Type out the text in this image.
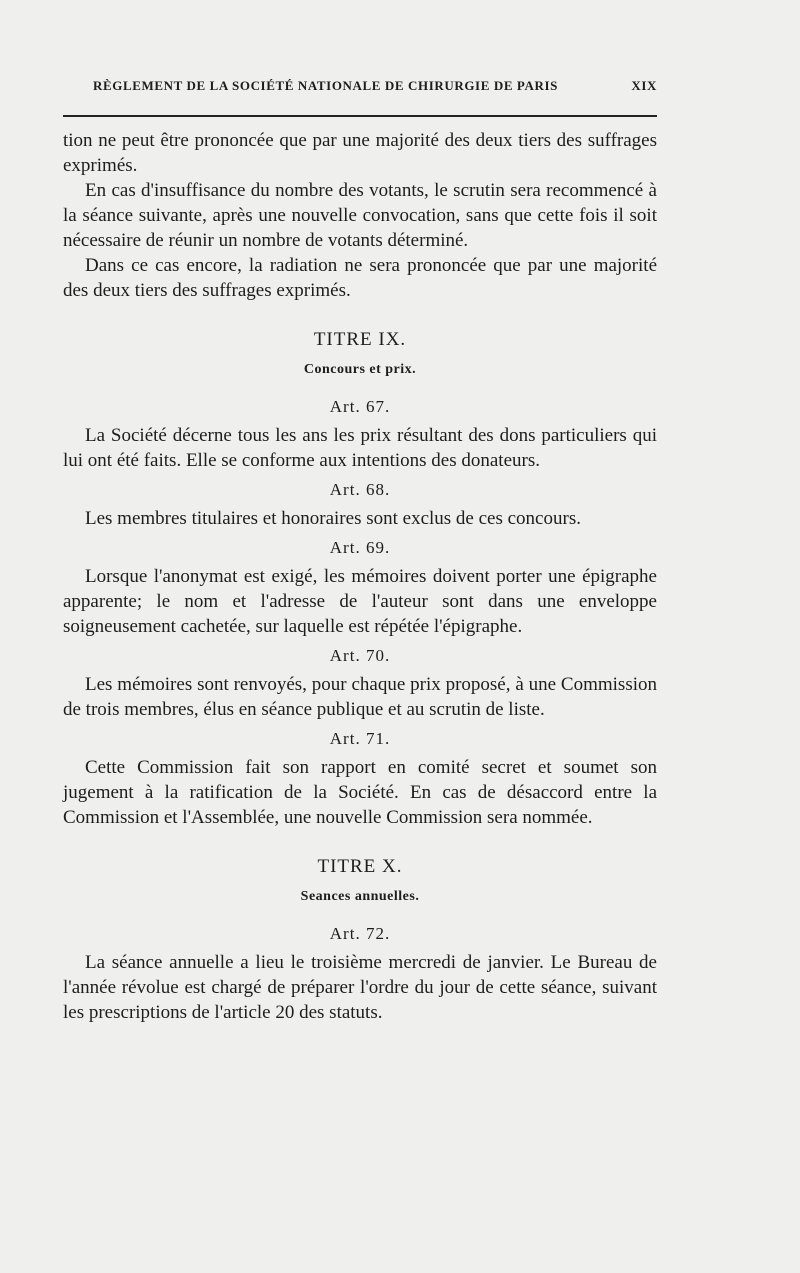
RÈGLEMENT DE LA SOCIÉTÉ NATIONALE DE CHIRURGIE DE PARIS	XIX

tion ne peut être prononcée que par une majorité des deux tiers des suffrages exprimés.

En cas d'insuffisance du nombre des votants, le scrutin sera recommencé à la séance suivante, après une nouvelle convocation, sans que cette fois il soit nécessaire de réunir un nombre de votants déterminé.

Dans ce cas encore, la radiation ne sera prononcée que par une majorité des deux tiers des suffrages exprimés.

TITRE IX.
Concours et prix.
Art. 67.

La Société décerne tous les ans les prix résultant des dons particuliers qui lui ont été faits. Elle se conforme aux intentions des donateurs.

Art. 68.

Les membres titulaires et honoraires sont exclus de ces concours.

Art. 69.

Lorsque l'anonymat est exigé, les mémoires doivent porter une épigraphe apparente; le nom et l'adresse de l'auteur sont dans une enveloppe soigneusement cachetée, sur laquelle est répétée l'épigraphe.

Art. 70.

Les mémoires sont renvoyés, pour chaque prix proposé, à une Commission de trois membres, élus en séance publique et au scrutin de liste.

Art. 71.

Cette Commission fait son rapport en comité secret et soumet son jugement à la ratification de la Société. En cas de désaccord entre la Commission et l'Assemblée, une nouvelle Commission sera nommée.

TITRE X.
Seances annuelles.
Art. 72.

La séance annuelle a lieu le troisième mercredi de janvier. Le Bureau de l'année révolue est chargé de préparer l'ordre du jour de cette séance, suivant les prescriptions de l'article 20 des statuts.
